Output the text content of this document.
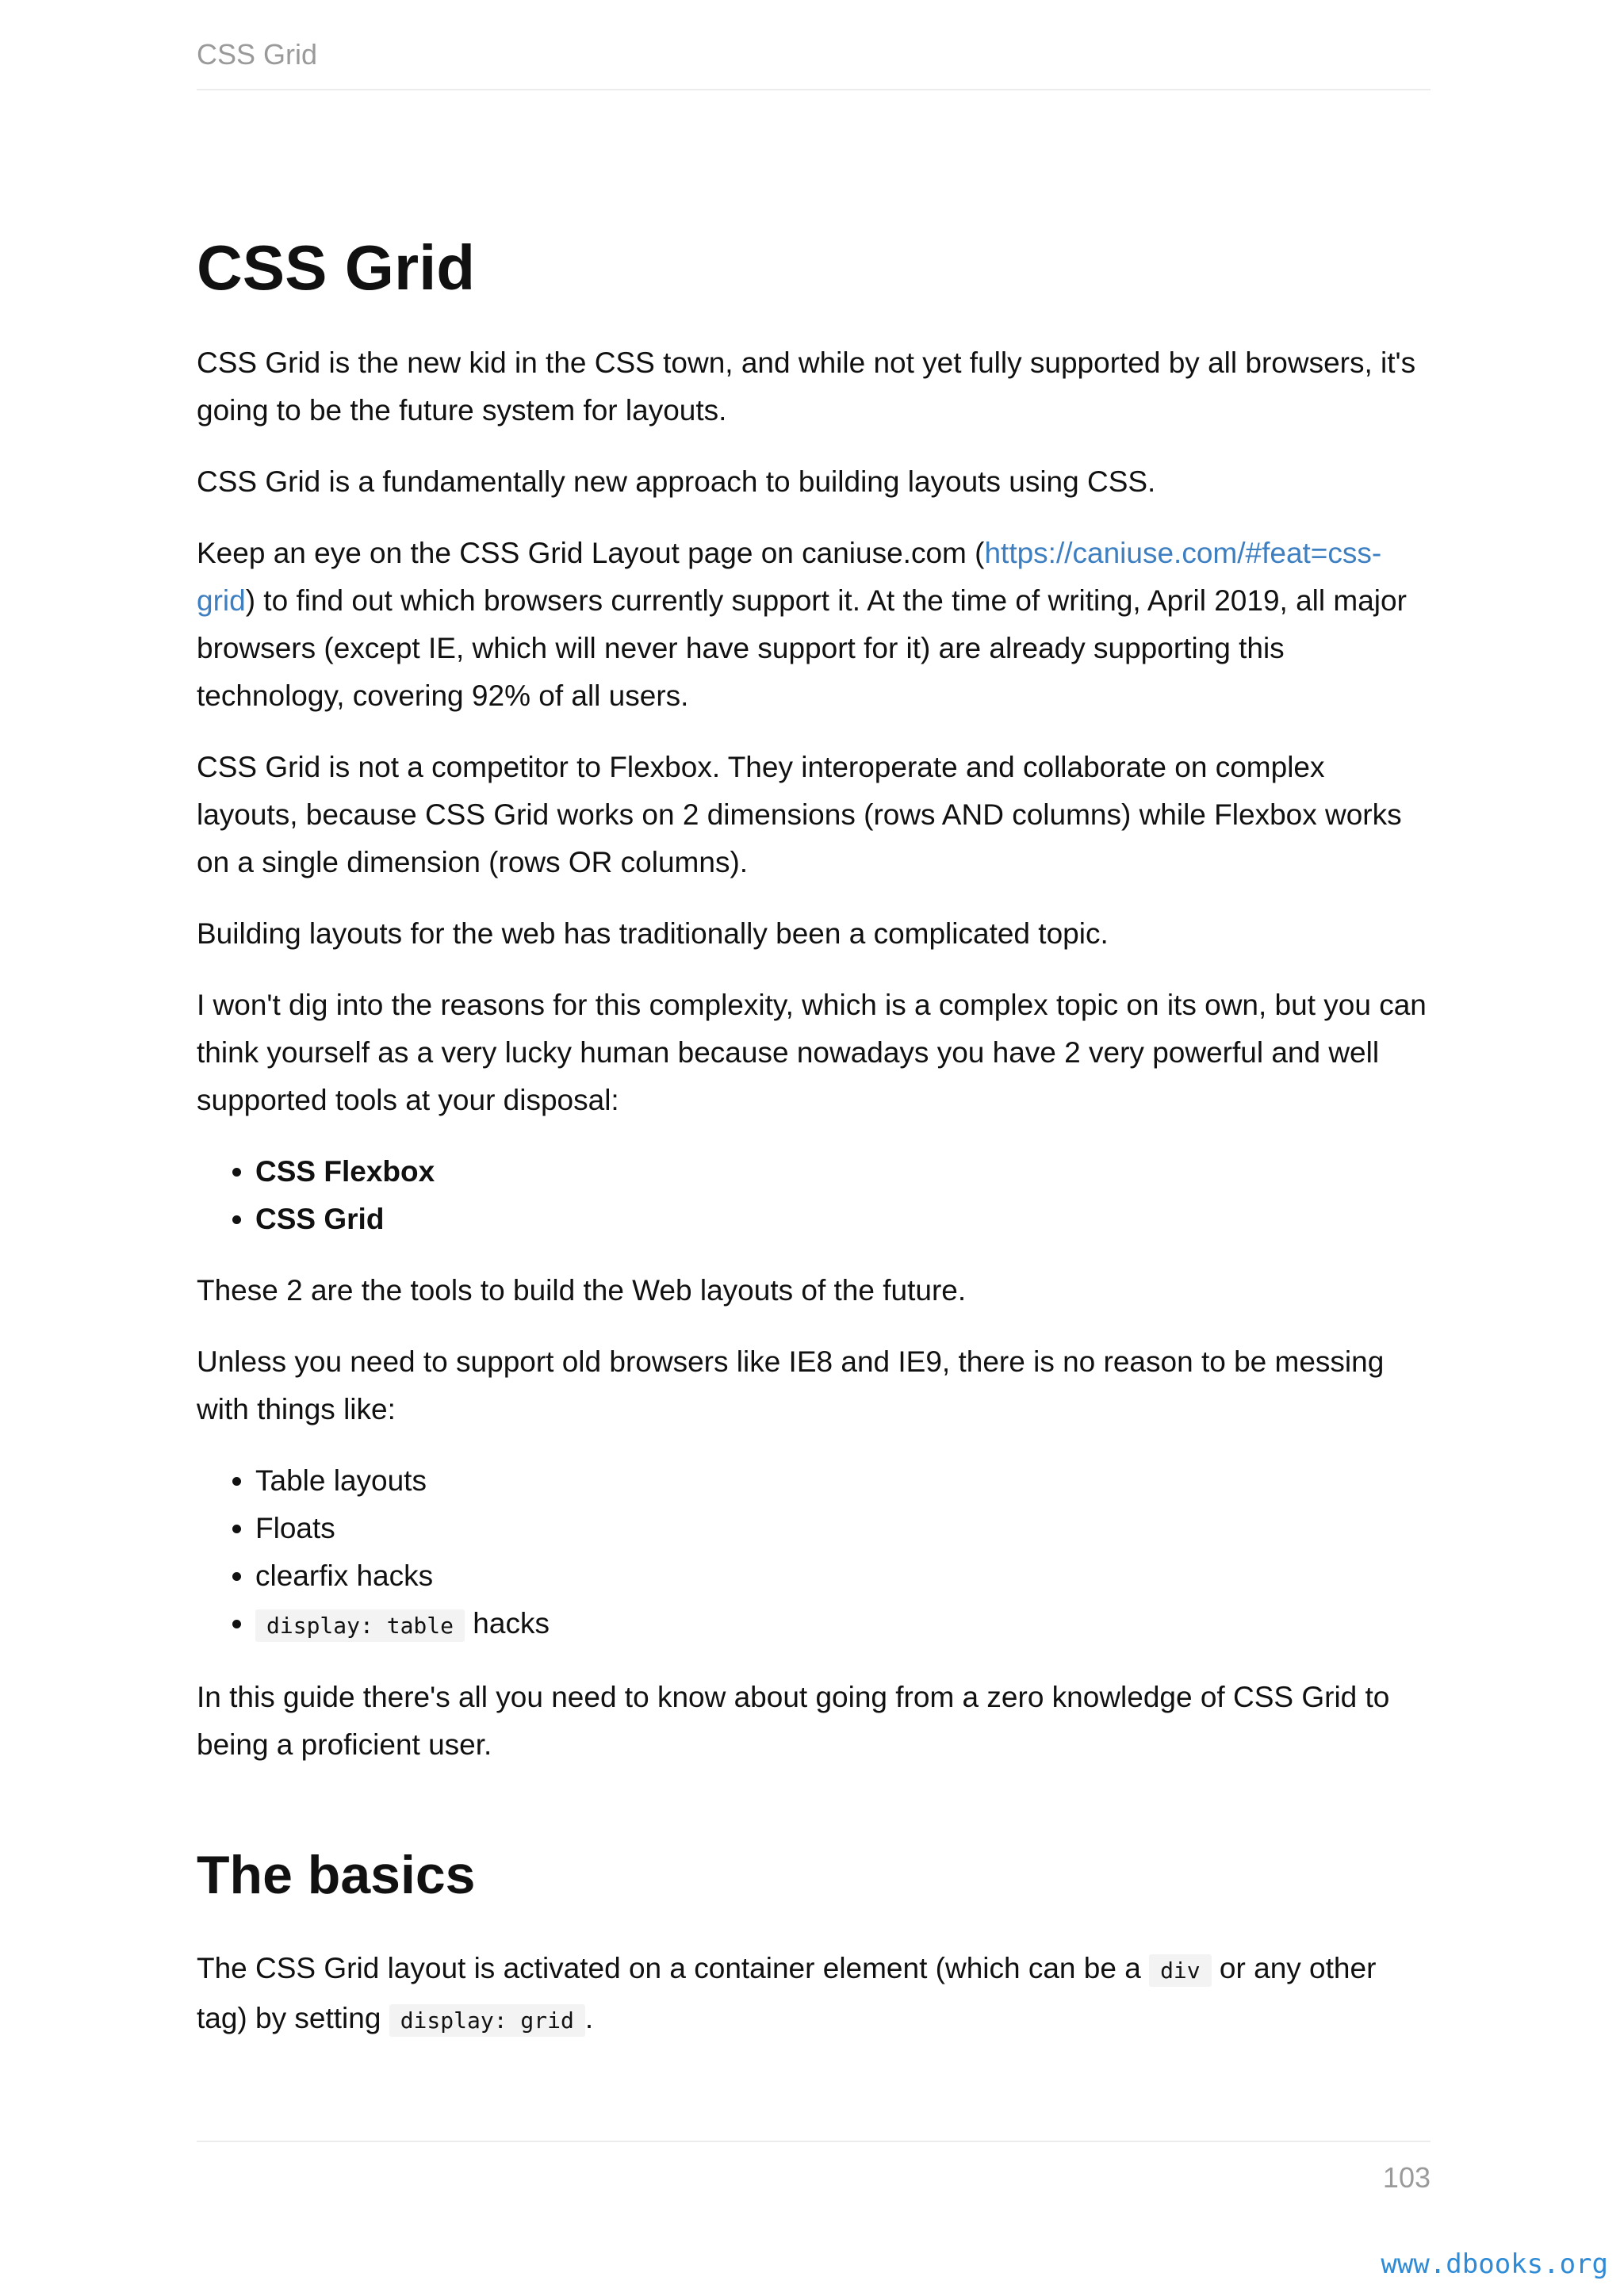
CSS Grid
CSS Grid

CSS Grid is the new kid in the CSS town, and while not yet fully supported by all browsers, it's going to be the future system for layouts.

CSS Grid is a fundamentally new approach to building layouts using CSS.

Keep an eye on the CSS Grid Layout page on caniuse.com (https://caniuse.com/#feat=css-grid) to find out which browsers currently support it. At the time of writing, April 2019, all major browsers (except IE, which will never have support for it) are already supporting this technology, covering 92% of all users.

CSS Grid is not a competitor to Flexbox. They interoperate and collaborate on complex layouts, because CSS Grid works on 2 dimensions (rows AND columns) while Flexbox works on a single dimension (rows OR columns).

Building layouts for the web has traditionally been a complicated topic.

I won't dig into the reasons for this complexity, which is a complex topic on its own, but you can think yourself as a very lucky human because nowadays you have 2 very powerful and well supported tools at your disposal:

• CSS Flexbox
• CSS Grid

These 2 are the tools to build the Web layouts of the future.

Unless you need to support old browsers like IE8 and IE9, there is no reason to be messing with things like:

• Table layouts
• Floats
• clearfix hacks
• display: table hacks

In this guide there's all you need to know about going from a zero knowledge of CSS Grid to being a proficient user.

The basics

The CSS Grid layout is activated on a container element (which can be a div or any other tag) by setting display: grid .

103
www.dbooks.org
